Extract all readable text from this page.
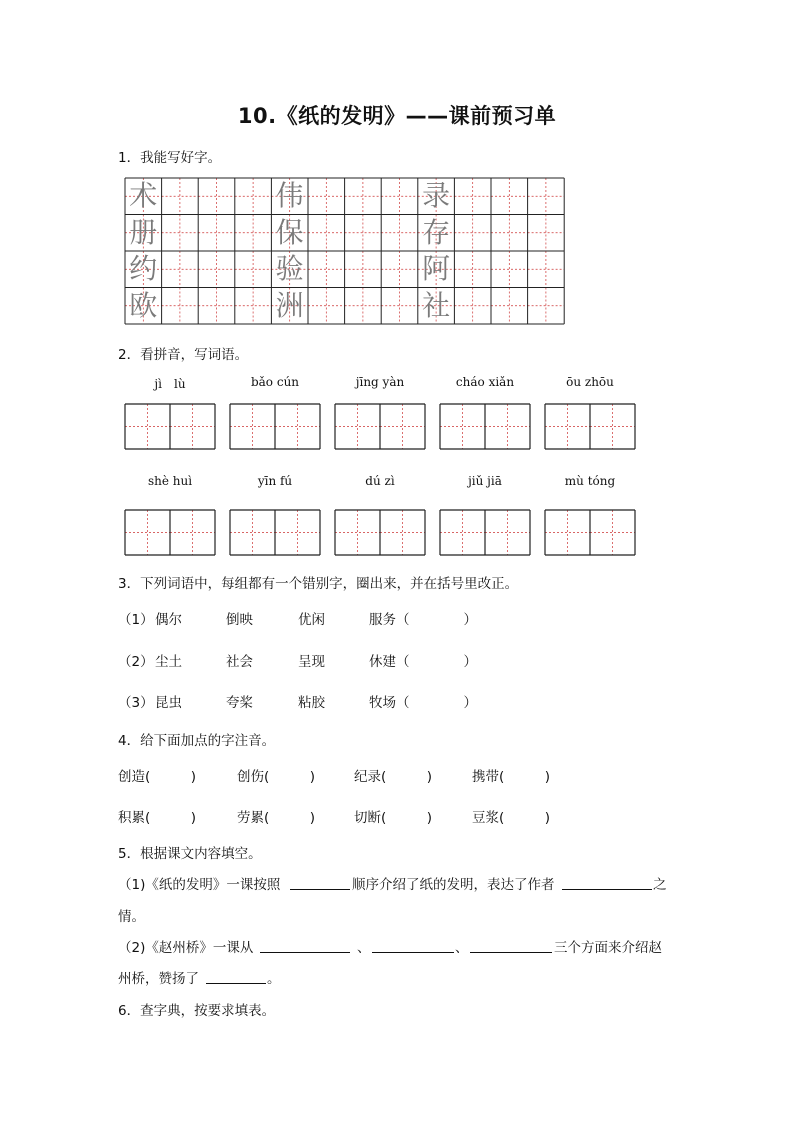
10.《纸的发明》——课前预习单
1．我能写好字。
术	伟	录
册	保	存
约	验	阿
欧	洲	社
2．看拼音，写词语。
jì　lù	bǎo cún	jīng yàn	cháo xiǎn	ōu zhōu
shè huì	yīn fú	dú zì	jiǔ jiā	mù tóng
3．下列词语中，每组都有一个错别字，圈出来，并在括号里改正。
（1） 偶尔	倒映	优闲	服务（　　　　）
（2） 尘土	社会	呈现	休建（　　　　）
（3） 昆虫	夸桨	粘胶	牧场（　　　　）
4．给下面加点的字注音。
创造(　　　)	创伤(　　　)	纪录(　　　)	携带(　　　)
积累(　　　)	劳累(　　　)	切断(　　　)	豆浆(　　　)
5．根据课文内容填空。
（1)《纸的发明》一课按照	顺序介绍了纸的发明，表达了作者	之
情。
（2)《赵州桥》一课从	、	、	三个方面来介绍赵
州桥，赞扬了	。
6．查字典，按要求填表。
